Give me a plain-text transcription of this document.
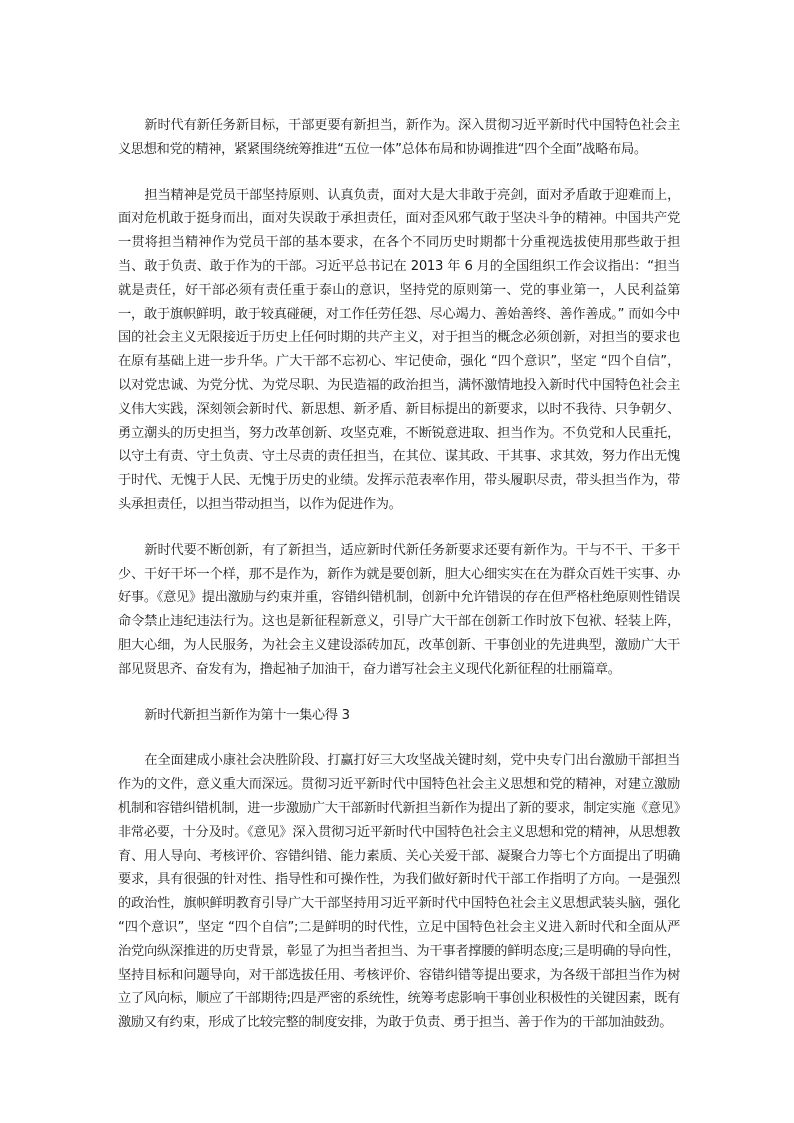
新时代有新任务新目标，干部更要有新担当，新作为。深入贯彻习近平新时代中国特色社会主义思想和党的精神，紧紧围绕统筹推进“五位一体”总体布局和协调推进“四个全面”战略布局。

担当精神是党员干部坚持原则、认真负责，面对大是大非敢于亮剑，面对矛盾敢于迎难而上，面对危机敢于挺身而出，面对失误敢于承担责任，面对歪风邪气敢于坚决斗争的精神。中国共产党一贯将担当精神作为党员干部的基本要求，在各个不同历史时期都十分重视选拔使用那些敢于担当、敢于负责、敢于作为的干部。习近平总书记在 2013 年 6 月的全国组织工作会议指出：“担当就是责任，好干部必须有责任重于泰山的意识，坚持党的原则第一、党的事业第一，人民利益第一，敢于旗帜鲜明，敢于较真碰硬，对工作任劳任怨、尽心竭力、善始善终、善作善成。” 而如今中国的社会主义无限接近于历史上任何时期的共产主义，对于担当的概念必须创新，对担当的要求也在原有基础上进一步升华。广大干部不忘初心、牢记使命，强化 “四个意识”，坚定 “四个自信”，以对党忠诚、为党分忧、为党尽职、为民造福的政治担当，满怀激情地投入新时代中国特色社会主义伟大实践，深刻领会新时代、新思想、新矛盾、新目标提出的新要求，以时不我待、只争朝夕、勇立潮头的历史担当，努力改革创新、攻坚克难，不断锐意进取、担当作为。不负党和人民重托，以守土有责、守土负责、守土尽责的责任担当，在其位、谋其政、干其事、求其效，努力作出无愧于时代、无愧于人民、无愧于历史的业绩。发挥示范表率作用，带头履职尽责，带头担当作为，带头承担责任，以担当带动担当，以作为促进作为。

新时代要不断创新，有了新担当，适应新时代新任务新要求还要有新作为。干与不干、干多干少、干好干坏一个样，那不是作为，新作为就是要创新，胆大心细实实在在为群众百姓干实事、办好事。《意见》提出激励与约束并重，容错纠错机制，创新中允许错误的存在但严格杜绝原则性错误命令禁止违纪违法行为。这也是新征程新意义，引导广大干部在创新工作时放下包袱、轻装上阵，胆大心细，为人民服务，为社会主义建设添砖加瓦，改革创新、干事创业的先进典型，激励广大干部见贤思齐、奋发有为，撸起袖子加油干，奋力谱写社会主义现代化新征程的壮丽篇章。

新时代新担当新作为第十一集心得 3

在全面建成小康社会决胜阶段、打赢打好三大攻坚战关键时刻，党中央专门出台激励干部担当作为的文件，意义重大而深远。贯彻习近平新时代中国特色社会主义思想和党的精神，对建立激励机制和容错纠错机制，进一步激励广大干部新时代新担当新作为提出了新的要求，制定实施《意见》非常必要，十分及时。《意见》深入贯彻习近平新时代中国特色社会主义思想和党的精神，从思想教育、用人导向、考核评价、容错纠错、能力素质、关心关爱干部、凝聚合力等七个方面提出了明确要求，具有很强的针对性、指导性和可操作性，为我们做好新时代干部工作指明了方向。一是强烈的政治性，旗帜鲜明教育引导广大干部坚持用习近平新时代中国特色社会主义思想武装头脑，强化 “四个意识”，坚定 “四个自信”;二是鲜明的时代性，立足中国特色社会主义进入新时代和全面从严治党向纵深推进的历史背景，彰显了为担当者担当、为干事者撑腰的鲜明态度;三是明确的导向性，坚持目标和问题导向，对干部选拔任用、考核评价、容错纠错等提出要求，为各级干部担当作为树立了风向标，顺应了干部期待;四是严密的系统性，统筹考虑影响干事创业积极性的关键因素，既有激励又有约束，形成了比较完整的制度安排，为敢于负责、勇于担当、善于作为的干部加油鼓劲。
